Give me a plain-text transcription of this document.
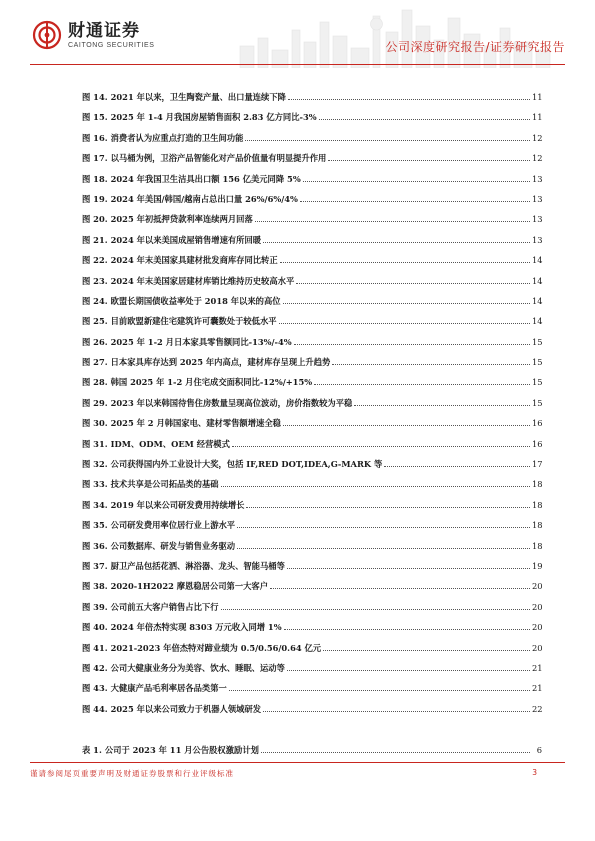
财通证券
CAITONG SECURITIES	公司深度研究报告/证券研究报告
图 14. 2021 年以来，卫生陶瓷产量、出口量连续下降	11
图 15. 2025 年 1-4 月我国房屋销售面积 2.83 亿方同比-3%	11
图 16. 消费者认为应重点打造的卫生间功能	12
图 17. 以马桶为例，卫浴产品智能化对产品价值量有明显提升作用	12
图 18. 2024 年我国卫生洁具出口额 156 亿美元同降 5%	13
图 19. 2024 年美国/韩国/越南占总出口量 26%/6%/4%	13
图 20. 2025 年初抵押贷款利率连续两月回落	13
图 21. 2024 年以来美国成屋销售增速有所回暖	13
图 22. 2024 年末美国家具建材批发商库存同比转正	14
图 23. 2024 年末美国家居建材库销比维持历史较高水平	14
图 24. 欧盟长期国债收益率处于 2018 年以来的高位	14
图 25. 目前欧盟新建住宅建筑许可囊数处于较低水平	14
图 26. 2025 年 1-2 月日本家具零售额同比-13%/-4%	15
图 27. 日本家具库存达到 2025 年内高点，建材库存呈现上升趋势	15
图 28. 韩国 2025 年 1-2 月住宅成交面积同比-12%/+15%	15
图 29. 2023 年以来韩国待售住房数量呈现高位波动，房价指数较为平稳	15
图 30. 2025 年 2 月韩国家电、建材零售额增速全稳	16
图 31. IDM、ODM、OEM 经营模式	16
图 32. 公司获得国内外工业设计大奖，包括 IF,RED DOT,IDEA,G-MARK 等	17
图 33. 技术共享是公司拓品类的基础	18
图 34. 2019 年以来公司研发费用持续增长	18
图 35. 公司研发费用率位居行业上游水平	18
图 36. 公司数据库、研发与销售业务驱动	18
图 37. 厨卫产品包括花洒、淋浴器、龙头、智能马桶等	19
图 38. 2020-1H2022 摩恩稳居公司第一大客户	20
图 39. 公司前五大客户销售占比下行	20
图 40. 2024 年倍杰特实现 8303 万元收入同增 1%	20
图 41. 2021-2023 年倍杰特对蹄业绩为 0.5/0.56/0.64 亿元	20
图 42. 公司大健康业务分为美容、饮水、睡眠、运动等	21
图 43. 大健康产品毛利率居各品类第一	21
图 44. 2025 年以来公司致力于机器人领域研发	22
表 1. 公司于 2023 年 11 月公告股权激励计划	6
谨请参阅尾页重要声明及财通证券股票和行业评级标准	3
